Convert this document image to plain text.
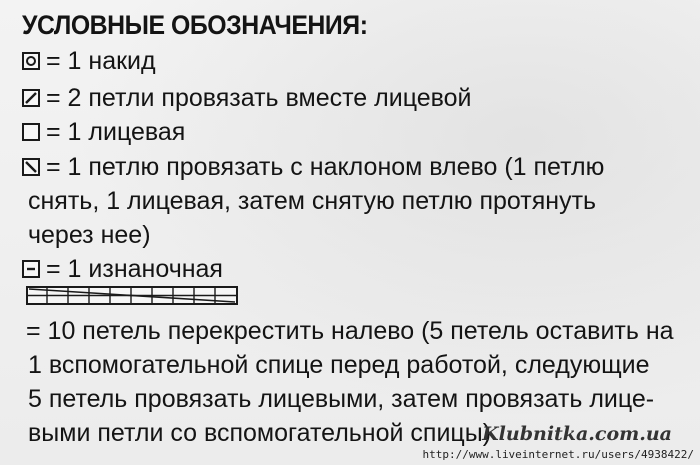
УСЛОВНЫЕ ОБОЗНАЧЕНИЯ:
= 1 накид
= 2 петли провязать вместе лицевой
= 1 лицевая
= 1 петлю провязать с наклоном влево (1 петлю
снять, 1 лицевая, затем снятую петлю протянуть
через нее)
= 1 изнаночная
= 10 петель перекрестить налево (5 петель оставить на
1 вспомогательной спице перед работой, следующие
5 петель провязать лицевыми, затем провязать лице-
выми петли со вспомогательной спицы)
Klubnitka.com.ua
http://www.liveinternet.ru/users/4938422/
